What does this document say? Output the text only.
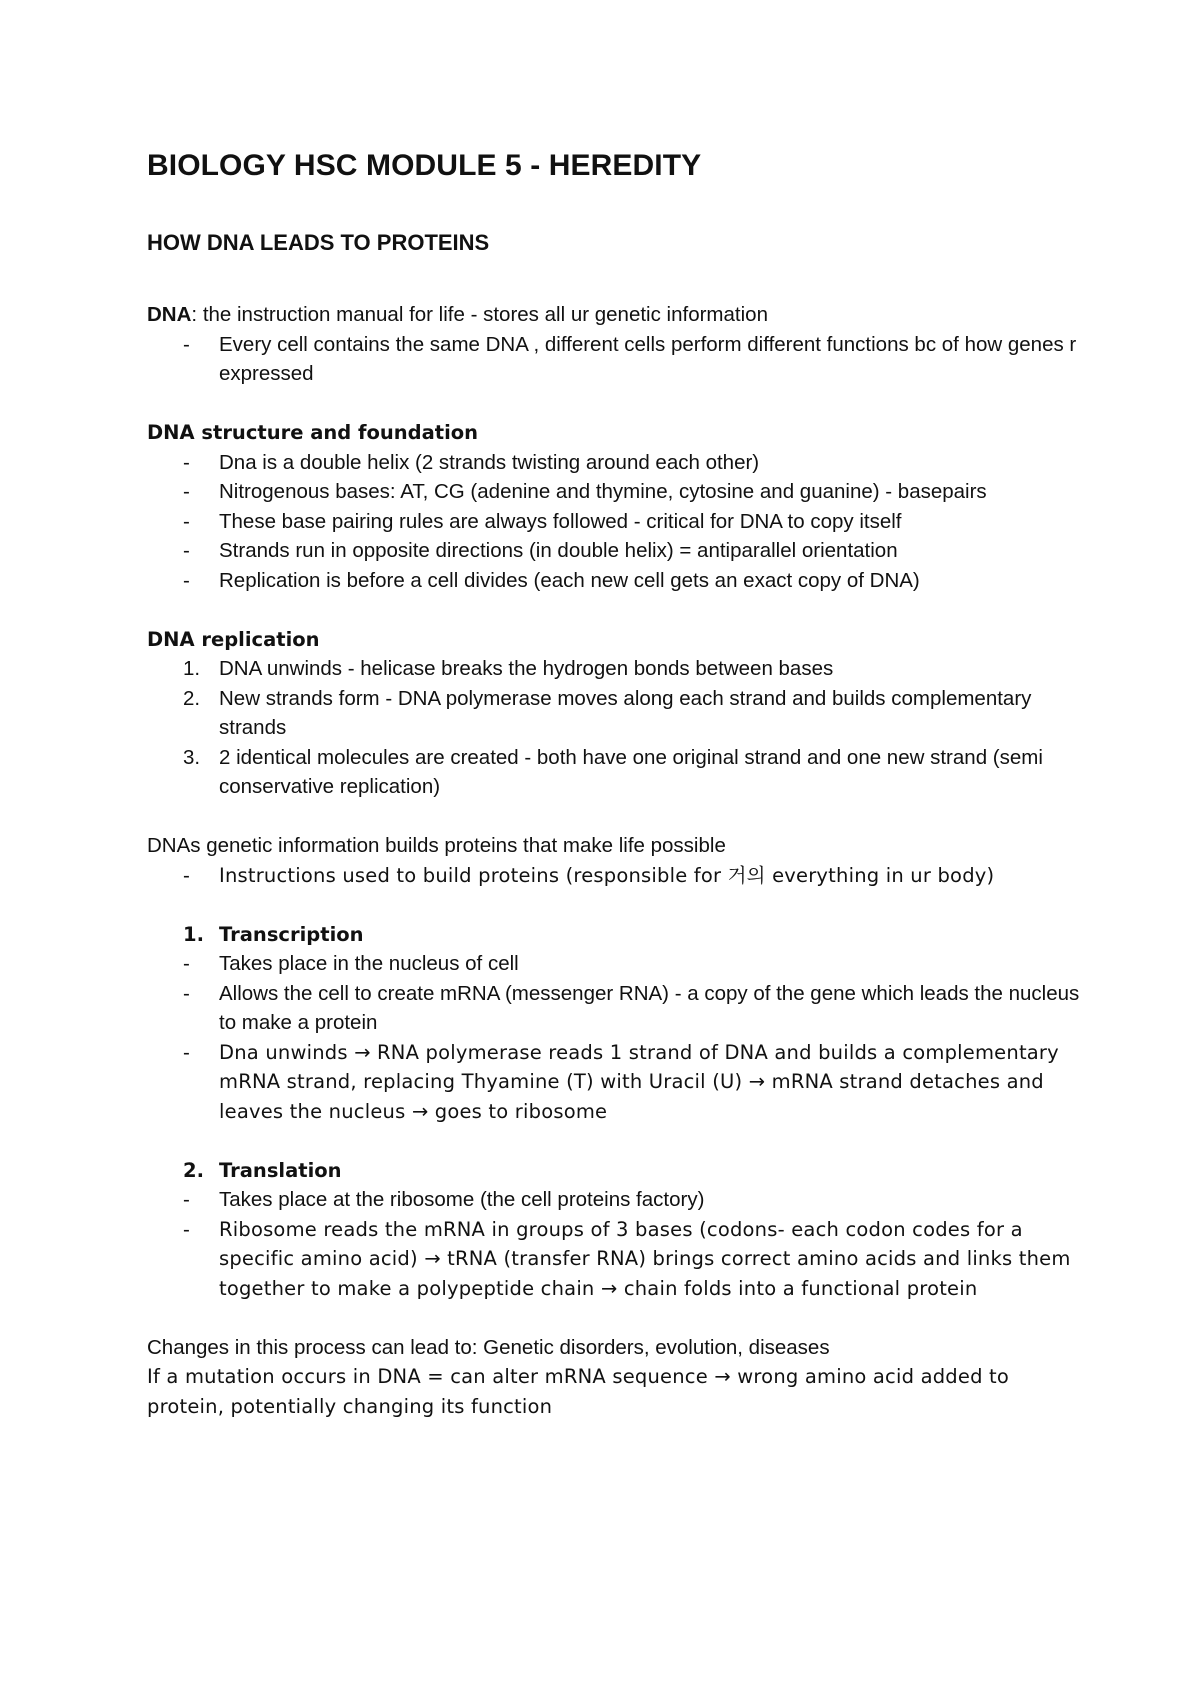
BIOLOGY HSC MODULE 5 - HEREDITY
HOW DNA LEADS TO PROTEINS

DNA: the instruction manual for life - stores all ur genetic information

- Every cell contains the same DNA , different cells perform different functions bc of how genes r expressed

DNA structure and foundation

- Dna is a double helix (2 strands twisting around each other)
- Nitrogenous bases: AT, CG (adenine and thymine, cytosine and guanine) - basepairs
- These base pairing rules are always followed - critical for DNA to copy itself
- Strands run in opposite directions (in double helix) = antiparallel orientation
- Replication is before a cell divides (each new cell gets an exact copy of DNA)

DNA replication

1. DNA unwinds - helicase breaks the hydrogen bonds between bases
2. New strands form - DNA polymerase moves along each strand and builds complementary strands
3. 2 identical molecules are created - both have one original strand and one new strand (semi conservative replication)

DNAs genetic information builds proteins that make life possible

- Instructions used to build proteins (responsible for 거의 everything in ur body)

1. Transcription

- Takes place in the nucleus of cell
- Allows the cell to create mRNA (messenger RNA) - a copy of the gene which leads the nucleus to make a protein
- Dna unwinds → RNA polymerase reads 1 strand of DNA and builds a complementary mRNA strand, replacing Thyamine (T) with Uracil (U) → mRNA strand detaches and leaves the nucleus → goes to ribosome

2. Translation

- Takes place at the ribosome (the cell proteins factory)
- Ribosome reads the mRNA in groups of 3 bases (codons- each codon codes for a specific amino acid) → tRNA (transfer RNA) brings correct amino acids and links them together to make a polypeptide chain → chain folds into a functional protein

Changes in this process can lead to: Genetic disorders, evolution, diseases

If a mutation occurs in DNA = can alter mRNA sequence → wrong amino acid added to protein, potentially changing its function
